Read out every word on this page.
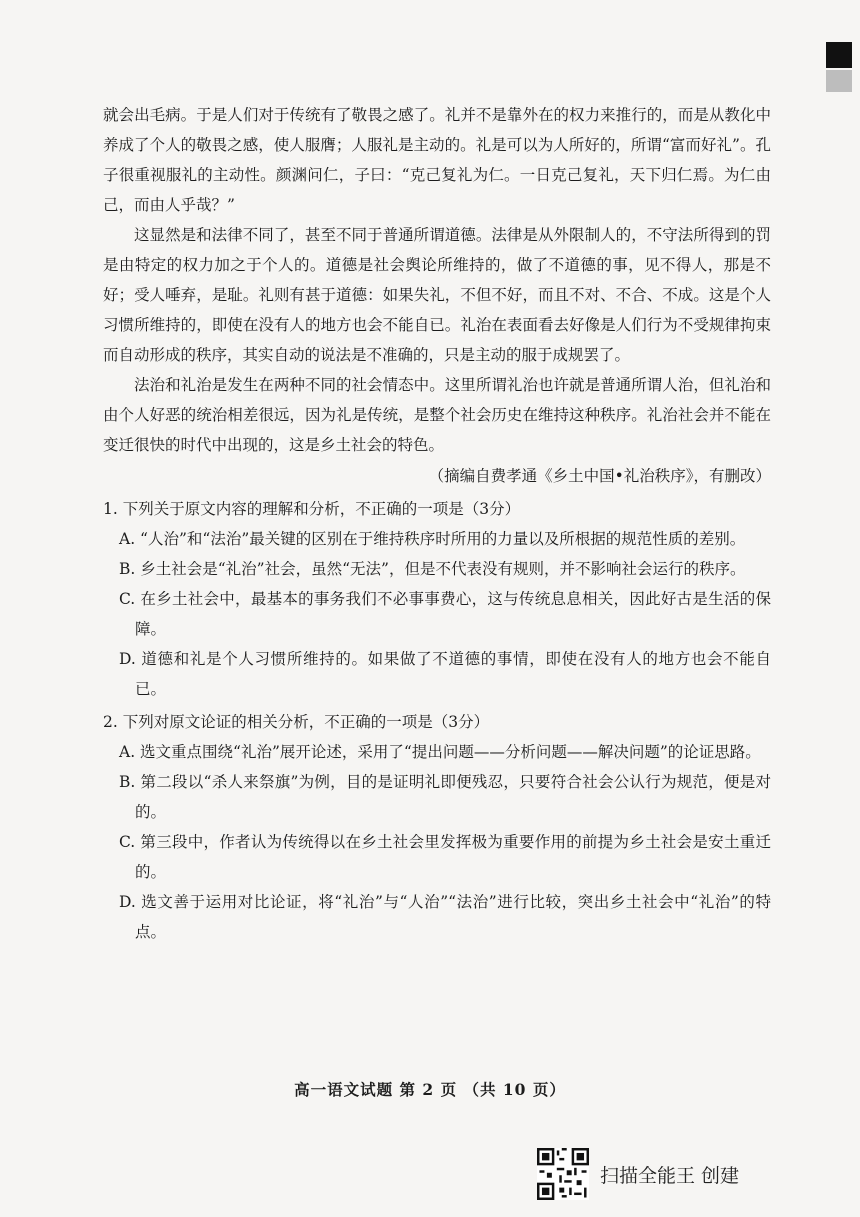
就会出毛病。于是人们对于传统有了敬畏之感了。礼并不是靠外在的权力来推行的，而是从教化中养成了个人的敬畏之感，使人服膺；人服礼是主动的。礼是可以为人所好的，所谓“富而好礼”。孔子很重视服礼的主动性。颜渊问仁，子曰：“克己复礼为仁。一日克己复礼，天下归仁焉。为仁由己，而由人乎哉？”

这显然是和法律不同了，甚至不同于普通所谓道德。法律是从外限制人的，不守法所得到的罚是由特定的权力加之于个人的。道德是社会舆论所维持的，做了不道德的事，见不得人，那是不好；受人唾弃，是耻。礼则有甚于道德：如果失礼，不但不好，而且不对、不合、不成。这是个人习惯所维持的，即使在没有人的地方也会不能自已。礼治在表面看去好像是人们行为不受规律拘束而自动形成的秩序，其实自动的说法是不准确的，只是主动的服于成规罢了。

法治和礼治是发生在两种不同的社会情态中。这里所谓礼治也许就是普通所谓人治，但礼治和由个人好恶的统治相差很远，因为礼是传统，是整个社会历史在维持这种秩序。礼治社会并不能在变迁很快的时代中出现的，这是乡土社会的特色。

（摘编自费孝通《乡土中国•礼治秩序》，有删改）

1. 下列关于原文内容的理解和分析，不正确的一项是（3分）

A. “人治”和“法治”最关键的区别在于维持秩序时所用的力量以及所根据的规范性质的差别。

B. 乡土社会是“礼治”社会，虽然“无法”，但是不代表没有规则，并不影响社会运行的秩序。

C. 在乡土社会中，最基本的事务我们不必事事费心，这与传统息息相关，因此好古是生活的保障。

D. 道德和礼是个人习惯所维持的。如果做了不道德的事情，即使在没有人的地方也会不能自已。

2. 下列对原文论证的相关分析，不正确的一项是（3分）

A. 选文重点围绕“礼治”展开论述，采用了“提出问题——分析问题——解决问题”的论证思路。

B. 第二段以“杀人来祭旗”为例，目的是证明礼即便残忍，只要符合社会公认行为规范，便是对的。

C. 第三段中，作者认为传统得以在乡土社会里发挥极为重要作用的前提为乡土社会是安土重迁的。

D. 选文善于运用对比论证，将“礼治”与“人治”“法治”进行比较，突出乡土社会中“礼治”的特点。

高一语文试题 第 2 页 （共 10 页）
扫描全能王 创建
